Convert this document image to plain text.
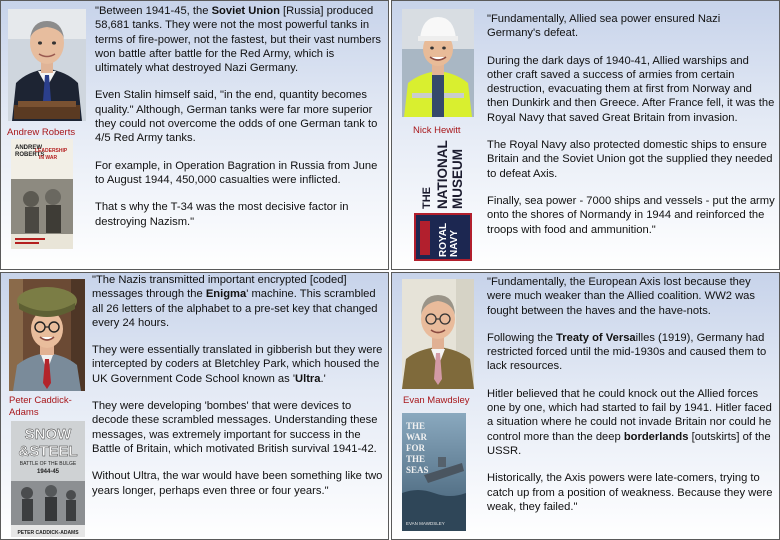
Andrew Roberts
ANDREW
ROBERTS
LEADERSHIP
IN WAR

"Between 1941-45, the Soviet Union [Russia] produced 58,681 tanks. They were not the most powerful tanks in terms of fire-power, not the fastest, but their vast numbers won battle after battle for the Red Army, which is ultimately what destroyed Nazi Germany.

Even Stalin himself said, "in the end, quantity becomes quality." Although, German tanks were far more superior they could not overcome the odds of one German tank to 4/5 Red Army tanks.

For example, in Operation Bagration in Russia from June to August 1944, 450,000 casualties were inflicted.

That s why the T-34 was the most decisive factor in destroying Nazism."

Nick Hewitt
THE NATIONAL MUSEUM
ROYAL NAVY

"Fundamentally, Allied sea power ensured Nazi Germany's defeat.

During the dark days of 1940-41, Allied warships and other craft saved a success of armies from certain destruction, evacuating them at first from Norway and then Dunkirk and then Greece. After France fell, it was the Royal Navy that saved Great Britain from invasion.

The Royal Navy also protected domestic ships to ensure Britain and the Soviet Union got the supplied they needed to defeat Axis.

Finally, sea power - 7000 ships and vessels - put the army onto the shores of Normandy in 1944 and reinforced the troops with food and ammunition."

Peter Caddick-
Adams
SNOW
&STEEL
BATTLE OF THE BULGE
1944-45
PETER CADDICK-ADAMS

"The Nazis transmitted important encrypted [coded] messages through the Enigma' machine. This scrambled all 26 letters of the alphabet to a pre-set key that changed every 24 hours.

They were essentially translated in gibberish but they were intercepted by coders at Bletchley Park, which housed the UK Government Code School known as 'Ultra.'

They were developing 'bombes' that were devices to decode these scrambled messages. Understanding these messages, was extremely important for success in the Battle of Britain, which motivated British survival 1941-42.

Without Ultra, the war would have been something like two years longer, perhaps even three or four years."

Evan Mawdsley
THE
WAR
FOR
THE
SEAS
EVAN MAWDSLEY

"Fundamentally, the European Axis lost because they were much weaker than the Allied coalition. WW2 was fought between the haves and the have-nots.

Following the Treaty of Versailles (1919), Germany had restricted forced until the mid-1930s and caused them to lack resources.

Hitler believed that he could knock out the Allied forces one by one, which had started to fail by 1941. Hitler faced a situation where he could not invade Britain nor could he control more than the deep borderlands [outskirts] of the USSR.

Historically, the Axis powers were late-comers, trying to catch up from a position of weakness. Because they were weak, they failed."
